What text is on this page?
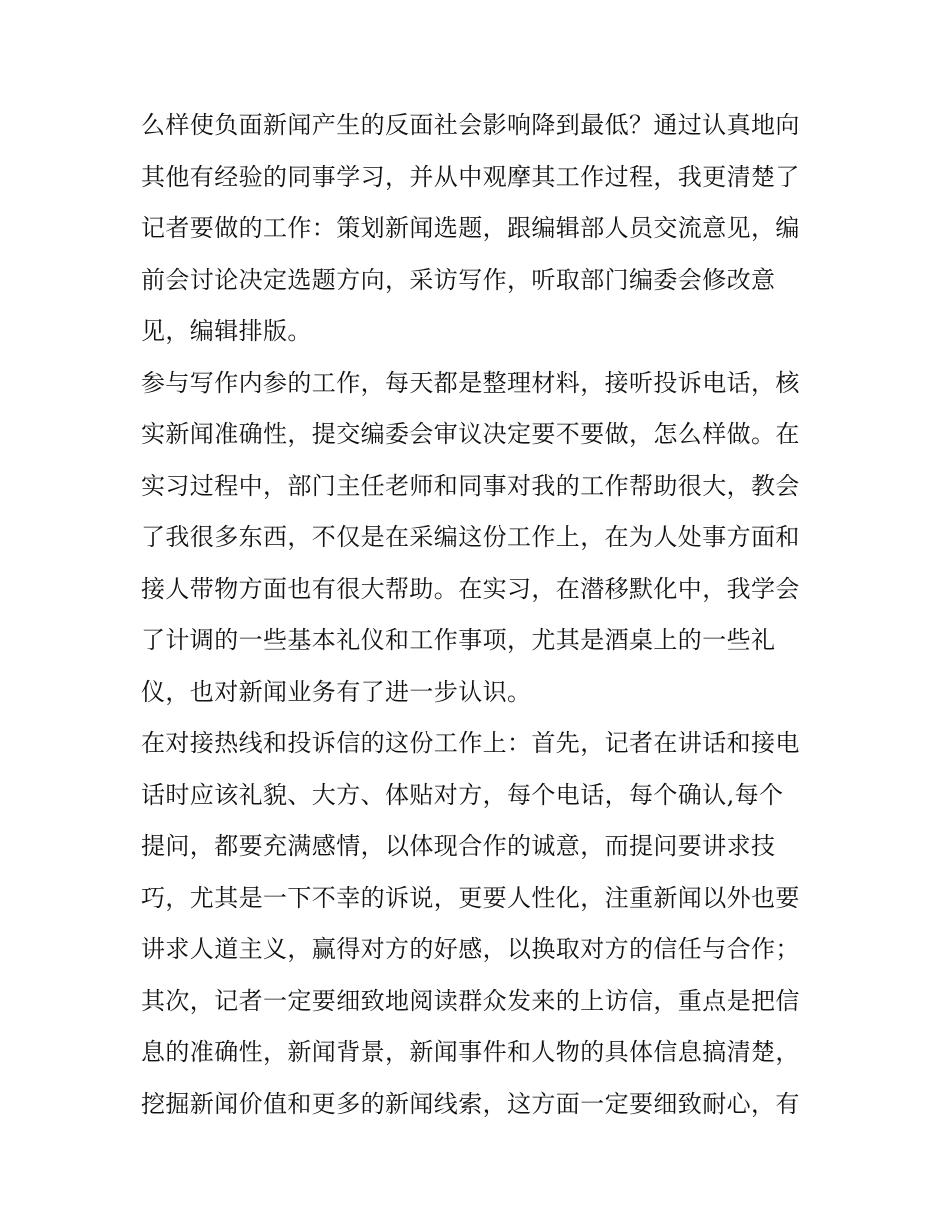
么样使负面新闻产生的反面社会影响降到最低？通过认真地向
其他有经验的同事学习，并从中观摩其工作过程，我更清楚了
记者要做的工作：策划新闻选题，跟编辑部人员交流意见，编
前会讨论决定选题方向，采访写作，听取部门编委会修改意
见，编辑排版。
参与写作内参的工作，每天都是整理材料，接听投诉电话，核
实新闻准确性，提交编委会审议决定要不要做，怎么样做。在
实习过程中，部门主任老师和同事对我的工作帮助很大，教会
了我很多东西，不仅是在采编这份工作上，在为人处事方面和
接人带物方面也有很大帮助。在实习，在潜移默化中，我学会
了计调的一些基本礼仪和工作事项，尤其是酒桌上的一些礼
仪，也对新闻业务有了进一步认识。
在对接热线和投诉信的这份工作上：首先，记者在讲话和接电
话时应该礼貌、大方、体贴对方，每个电话，每个确认,每个
提问，都要充满感情，以体现合作的诚意，而提问要讲求技
巧，尤其是一下不幸的诉说，更要人性化，注重新闻以外也要
讲求人道主义，赢得对方的好感，以换取对方的信任与合作；
其次，记者一定要细致地阅读群众发来的上访信，重点是把信
息的准确性，新闻背景，新闻事件和人物的具体信息搞清楚，
挖掘新闻价值和更多的新闻线索，这方面一定要细致耐心，有
